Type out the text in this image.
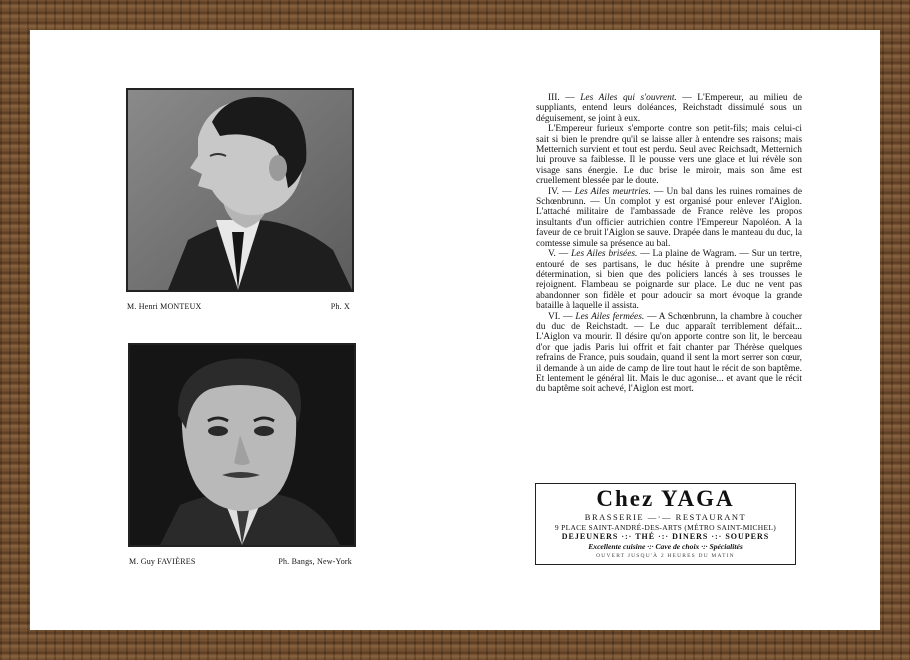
M. Henri MONTEUX	Ph. X
M. Guy FAVIÈRES	Ph. Bangs, New-York

III. — Les Ailes qui s'ouvrent. — L'Empereur, au milieu de suppliants, entend leurs doléances, Reichstadt dissimulé sous un déguisement, se joint à eux.

L'Empereur furieux s'emporte contre son petit-fils; mais celui-ci sait si bien le prendre qu'il se laisse aller à entendre ses raisons; mais Metternich survient et tout est perdu. Seul avec Reichsadt, Metternich lui prouve sa faiblesse. Il le pousse vers une glace et lui révèle son visage sans énergie. Le duc brise le miroir, mais son âme est cruellement blessée par le doute.

IV. — Les Ailes meurtries. — Un bal dans les ruines romaines de Schœnbrunn. — Un complot y est organisé pour enlever l'Aiglon. L'attaché militaire de l'ambassade de France relève les propos insultants d'un officier autrichien contre l'Empereur Napoléon. A la faveur de ce bruit l'Aiglon se sauve. Drapée dans le manteau du duc, la comtesse simule sa présence au bal.

V. — Les Ailes brisées. — La plaine de Wagram. — Sur un tertre, entouré de ses partisans, le duc hésite à prendre une suprême détermination, si bien que des policiers lancés à ses trousses le rejoignent. Flambeau se poignarde sur place. Le duc ne vent pas abandonner son fidèle et pour adoucir sa mort évoque la grande bataille à laquelle il assista.

VI. — Les Ailes fermées. — A Schœnbrunn, la chambre à coucher du duc de Reichstadt. — Le duc apparaît terriblement défait... L'Aiglon va mourir. Il désire qu'on apporte contre son lit, le berceau d'or que jadis Paris lui offrit et fait chanter par Thérèse quelques refrains de France, puis soudain, quand il sent la mort serrer son cœur, il demande à un aide de camp de lire tout haut le récit de son baptême. Et lentement le général lit. Mais le duc agonise... et avant que le récit du baptême soit achevé, l'Aiglon est mort.

Chez YAGA
BRASSERIE —·— RESTAURANT
9 PLACE SAINT-ANDRÉ-DES-ARTS (MÉTRO SAINT-MICHEL)
DEJEUNERS ·:· THÉ ·:· DINERS ·:· SOUPERS
Excellente cuisine ·:· Cave de choix ·:· Spécialités
OUVERT JUSQU'À 2 HEURES DU MATIN
